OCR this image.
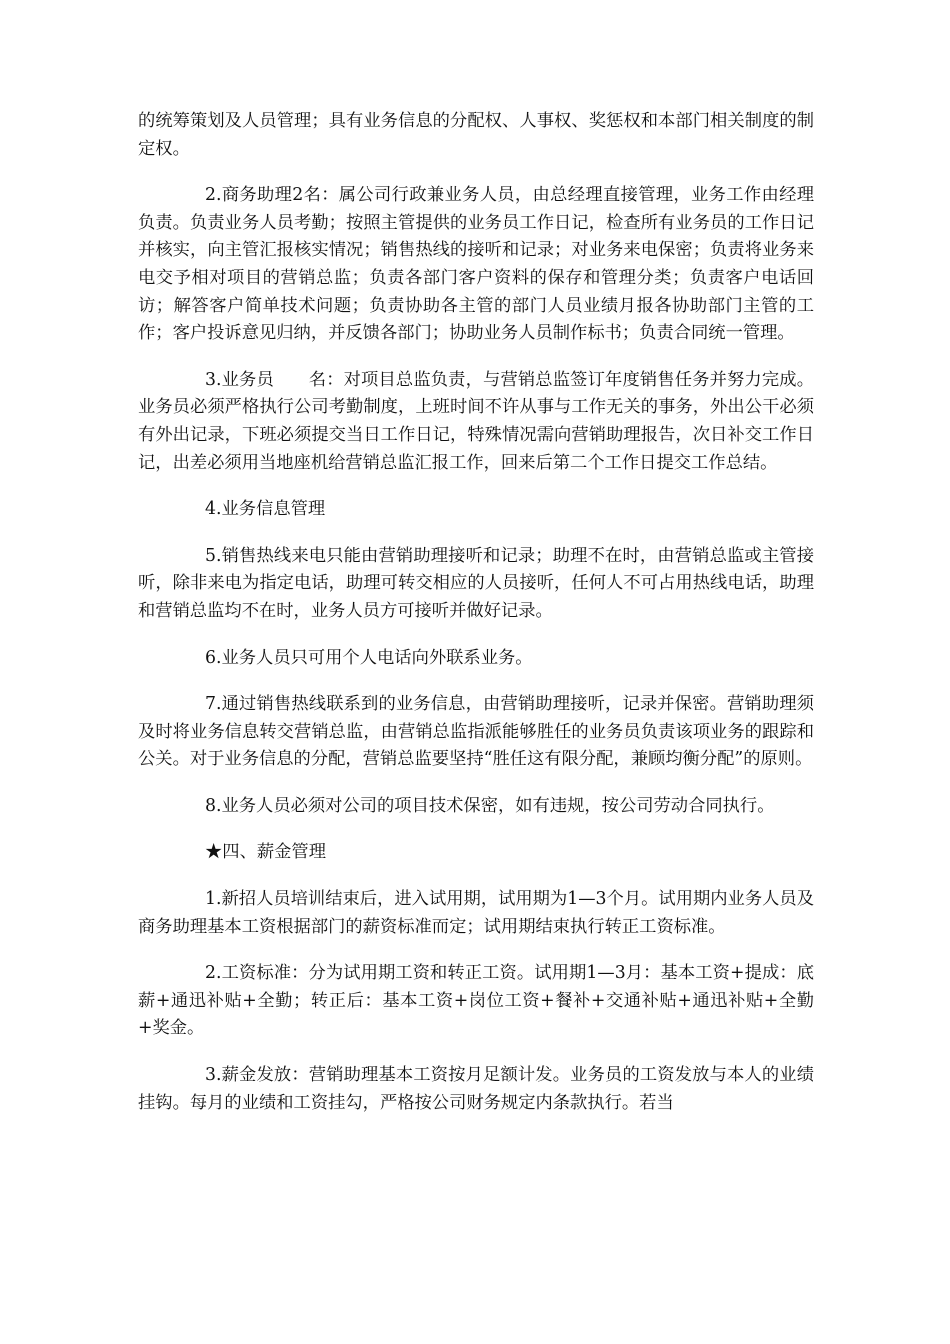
的统筹策划及人员管理；具有业务信息的分配权、人事权、奖惩权和本部门相关制度的制定权。

2.商务助理2名：属公司行政兼业务人员，由总经理直接管理，业务工作由经理负责。负责业务人员考勤；按照主管提供的业务员工作日记，检查所有业务员的工作日记并核实，向主管汇报核实情况；销售热线的接听和记录；对业务来电保密；负责将业务来电交予相对项目的营销总监；负责各部门客户资料的保存和管理分类；负责客户电话回访；解答客户简单技术问题；负责协助各主管的部门人员业绩月报各协助部门主管的工作；客户投诉意见归纳，并反馈各部门；协助业务人员制作标书；负责合同统一管理。

3.业务员　　名：对项目总监负责，与营销总监签订年度销售任务并努力完成。业务员必须严格执行公司考勤制度，上班时间不许从事与工作无关的事务，外出公干必须有外出记录，下班必须提交当日工作日记，特殊情况需向营销助理报告，次日补交工作日记，出差必须用当地座机给营销总监汇报工作，回来后第二个工作日提交工作总结。

4.业务信息管理

5.销售热线来电只能由营销助理接听和记录；助理不在时，由营销总监或主管接听，除非来电为指定电话，助理可转交相应的人员接听，任何人不可占用热线电话，助理和营销总监均不在时，业务人员方可接听并做好记录。

6.业务人员只可用个人电话向外联系业务。

7.通过销售热线联系到的业务信息，由营销助理接听，记录并保密。营销助理须及时将业务信息转交营销总监，由营销总监指派能够胜任的业务员负责该项业务的跟踪和公关。对于业务信息的分配，营销总监要坚持“胜任这有限分配，兼顾均衡分配”的原则。

8.业务人员必须对公司的项目技术保密，如有违规，按公司劳动合同执行。

★四、薪金管理

1.新招人员培训结束后，进入试用期，试用期为1—3个月。试用期内业务人员及商务助理基本工资根据部门的薪资标准而定；试用期结束执行转正工资标准。

2.工资标准：分为试用期工资和转正工资。试用期1—3月：基本工资+提成：底薪+通迅补贴+全勤；转正后：基本工资+岗位工资+餐补+交通补贴+通迅补贴+全勤+奖金。

3.薪金发放：营销助理基本工资按月足额计发。业务员的工资发放与本人的业绩挂钩。每月的业绩和工资挂勾，严格按公司财务规定内条款执行。若当
